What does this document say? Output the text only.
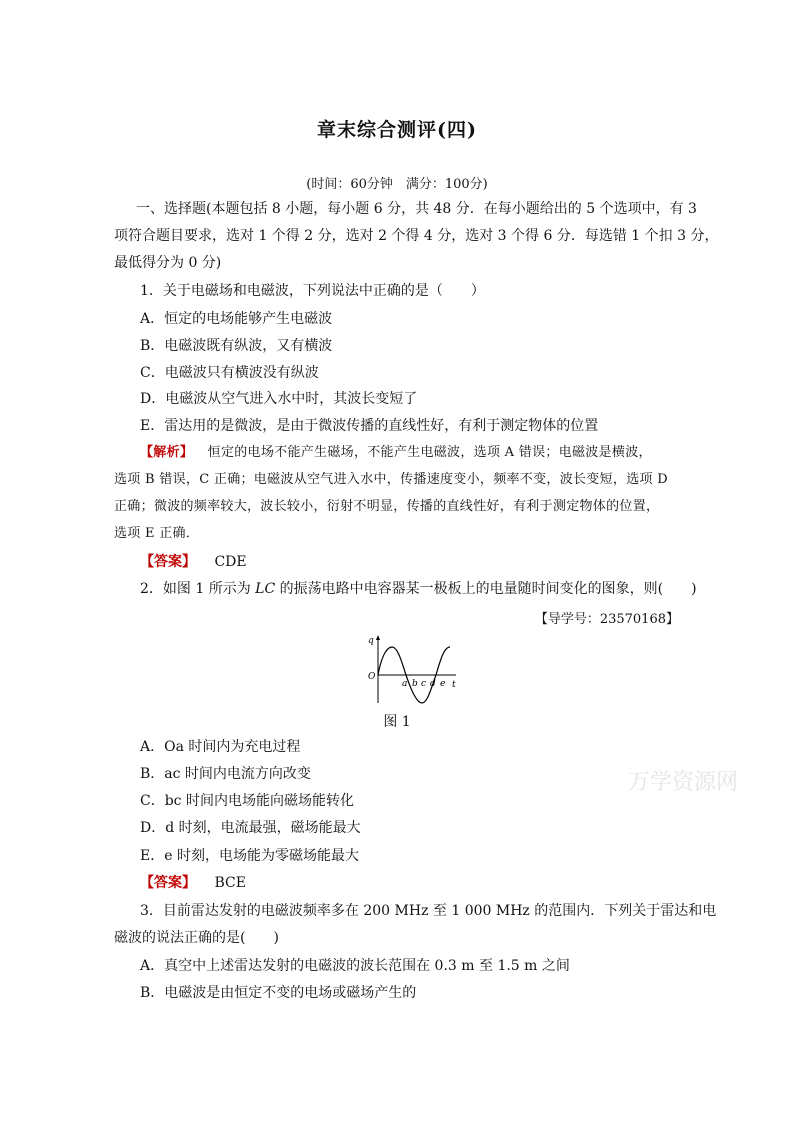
章末综合测评(四)
(时间：60分钟　满分：100分)
一、选择题(本题包括 8 小题，每小题 6 分，共 48 分．在每小题给出的 5 个选项中，有 3
项符合题目要求，选对 1 个得 2 分，选对 2 个得 4 分，选对 3 个得 6 分．每选错 1 个扣 3 分，
最低得分为 0 分)
1．关于电磁场和电磁波，下列说法中正确的是（　　）
A．恒定的电场能够产生电磁波
B．电磁波既有纵波，又有横波
C．电磁波只有横波没有纵波
D．电磁波从空气进入水中时，其波长变短了
E．雷达用的是微波，是由于微波传播的直线性好，有利于测定物体的位置
【解析】 恒定的电场不能产生磁场，不能产生电磁波，选项 A 错误；电磁波是横波，
选项 B 错误，C 正确；电磁波从空气进入水中，传播速度变小，频率不变，波长变短，选项 D
正确；微波的频率较大，波长较小，衍射不明显，传播的直线性好，有利于测定物体的位置，
选项 E 正确．
【答案】 CDE
2．如图 1 所示为 LC 的振荡电路中电容器某一极板上的电量随时间变化的图象，则(　　)
【导学号：23570168】
q
O
t
a b c d e
图 1
A．Oa 时间内为充电过程
B．ac 时间内电流方向改变
C．bc 时间内电场能向磁场能转化
D．d 时刻，电流最强，磁场能最大
E．e 时刻，电场能为零磁场能最大
【答案】 BCE
3．目前雷达发射的电磁波频率多在 200 MHz 至 1 000 MHz 的范围内．下列关于雷达和电
磁波的说法正确的是(　　)
A．真空中上述雷达发射的电磁波的波长范围在 0.3 m 至 1.5 m 之间
B．电磁波是由恒定不变的电场或磁场产生的
万学资源网
